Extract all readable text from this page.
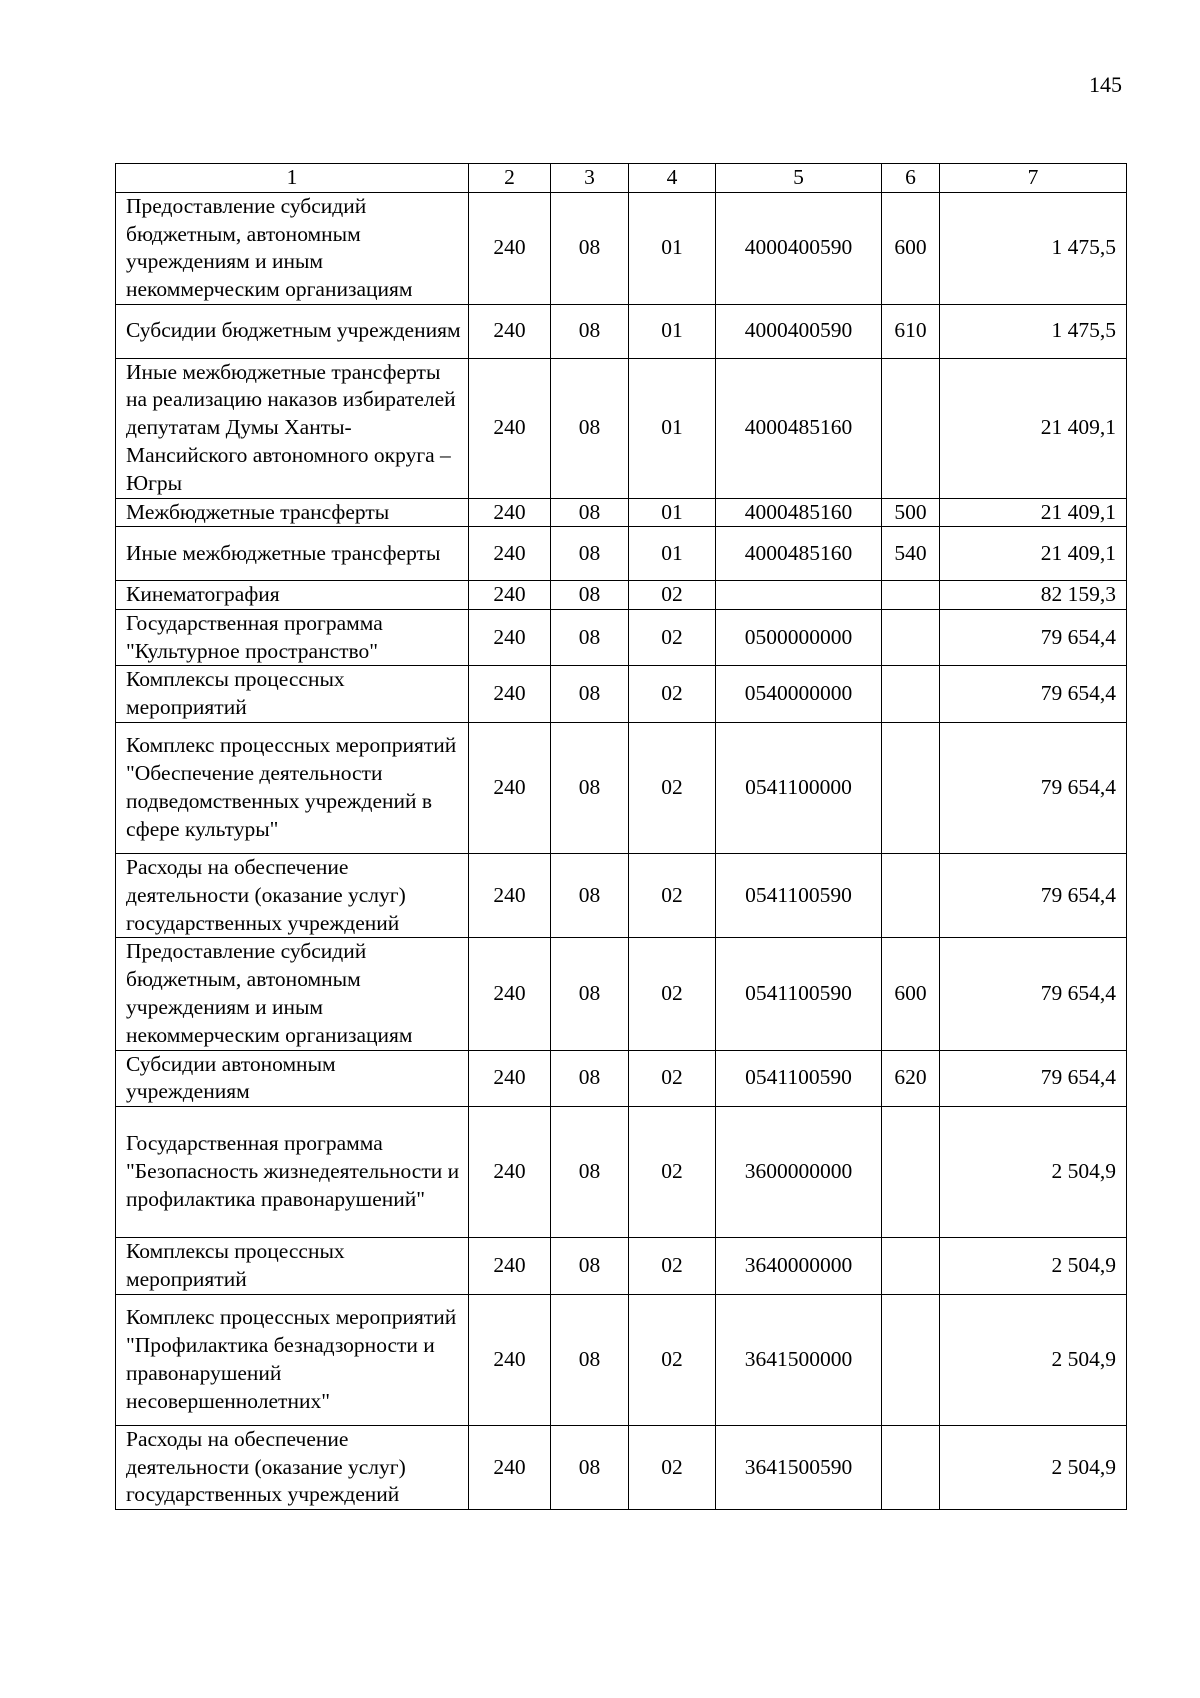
145
1	2	3	4	5	6	7
Предоставление субсидий бюджетным, автономным учреждениям и иным некоммерческим организациям	240	08	01	4000400590	600	1 475,5
Субсидии бюджетным учреждениям	240	08	01	4000400590	610	1 475,5
Иные межбюджетные трансферты на реализацию наказов избирателей депутатам Думы Ханты-Мансийского автономного округа – Югры	240	08	01	4000485160		21 409,1
Межбюджетные трансферты	240	08	01	4000485160	500	21 409,1
Иные межбюджетные трансферты	240	08	01	4000485160	540	21 409,1
Кинематография	240	08	02			82 159,3
Государственная программа "Культурное пространство"	240	08	02	0500000000		79 654,4
Комплексы процессных мероприятий	240	08	02	0540000000		79 654,4
Комплекс процессных мероприятий "Обеспечение деятельности подведомственных учреждений в сфере культуры"	240	08	02	0541100000		79 654,4
Расходы на обеспечение деятельности (оказание услуг) государственных учреждений	240	08	02	0541100590		79 654,4
Предоставление субсидий бюджетным, автономным учреждениям и иным некоммерческим организациям	240	08	02	0541100590	600	79 654,4
Субсидии автономным учреждениям	240	08	02	0541100590	620	79 654,4
Государственная программа "Безопасность жизнедеятельности и профилактика правонарушений"	240	08	02	3600000000		2 504,9
Комплексы процессных мероприятий	240	08	02	3640000000		2 504,9
Комплекс процессных мероприятий "Профилактика безнадзорности и правонарушений несовершеннолетних"	240	08	02	3641500000		2 504,9
Расходы на обеспечение деятельности (оказание услуг) государственных учреждений	240	08	02	3641500590		2 504,9
